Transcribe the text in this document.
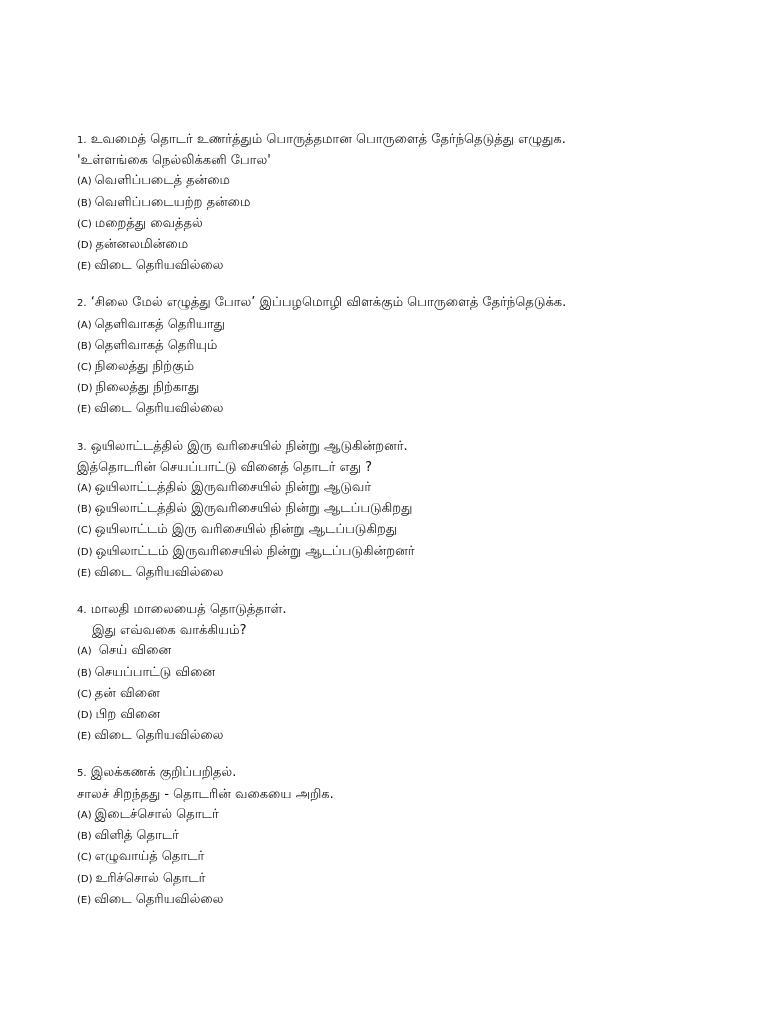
1. உவமைத் தொடர் உணர்த்தும் பொருத்தமான பொருளைத் தேர்ந்தெடுத்து எழுதுக.
'உள்ளங்கை நெல்லிக்கனி போல'
(A) வெளிப்படைத் தன்மை
(B) வெளிப்படையற்ற தன்மை
(C) மறைத்து வைத்தல்
(D) தன்னலமின்மை
(E) விடை தெரியவில்லை
2. ‘சிலை மேல் எழுத்து போல’ இப்பழமொழி விளக்கும் பொருளைத் தேர்ந்தெடுக்க.
(A) தெளிவாகத் தெரியாது
(B) தெளிவாகத் தெரியும்
(C) நிலைத்து நிற்கும்
(D) நிலைத்து நிற்காது
(E) விடை தெரியவில்லை
3. ஒயிலாட்டத்தில் இரு வரிசையில் நின்று ஆடுகின்றனர்.
இத்தொடரின் செயப்பாட்டு வினைத் தொடர் எது ?
(A) ஒயிலாட்டத்தில் இருவரிசையில் நின்று ஆடுவர்
(B) ஒயிலாட்டத்தில் இருவரிசையில் நின்று ஆடப்படுகிறது
(C) ஒயிலாட்டம் இரு வரிசையில் நின்று ஆடப்படுகிறது
(D) ஒயிலாட்டம் இருவரிசையில் நின்று ஆடப்படுகின்றனர்
(E) விடை தெரியவில்லை
4. மாலதி மாலையைத் தொடுத்தாள்.
இது எவ்வகை வாக்கியம்?
(A) செய் வினை
(B) செயப்பாட்டு வினை
(C) தன் வினை
(D) பிற வினை
(E) விடை தெரியவில்லை
5. இலக்கணக் குறிப்பறிதல்.
சாலச் சிறந்தது - தொடரின் வகையை அறிக.
(A) இடைச்சொல் தொடர்
(B) விளித் தொடர்
(C) எழுவாய்த் தொடர்
(D) உரிச்சொல் தொடர்
(E) விடை தெரியவில்லை
